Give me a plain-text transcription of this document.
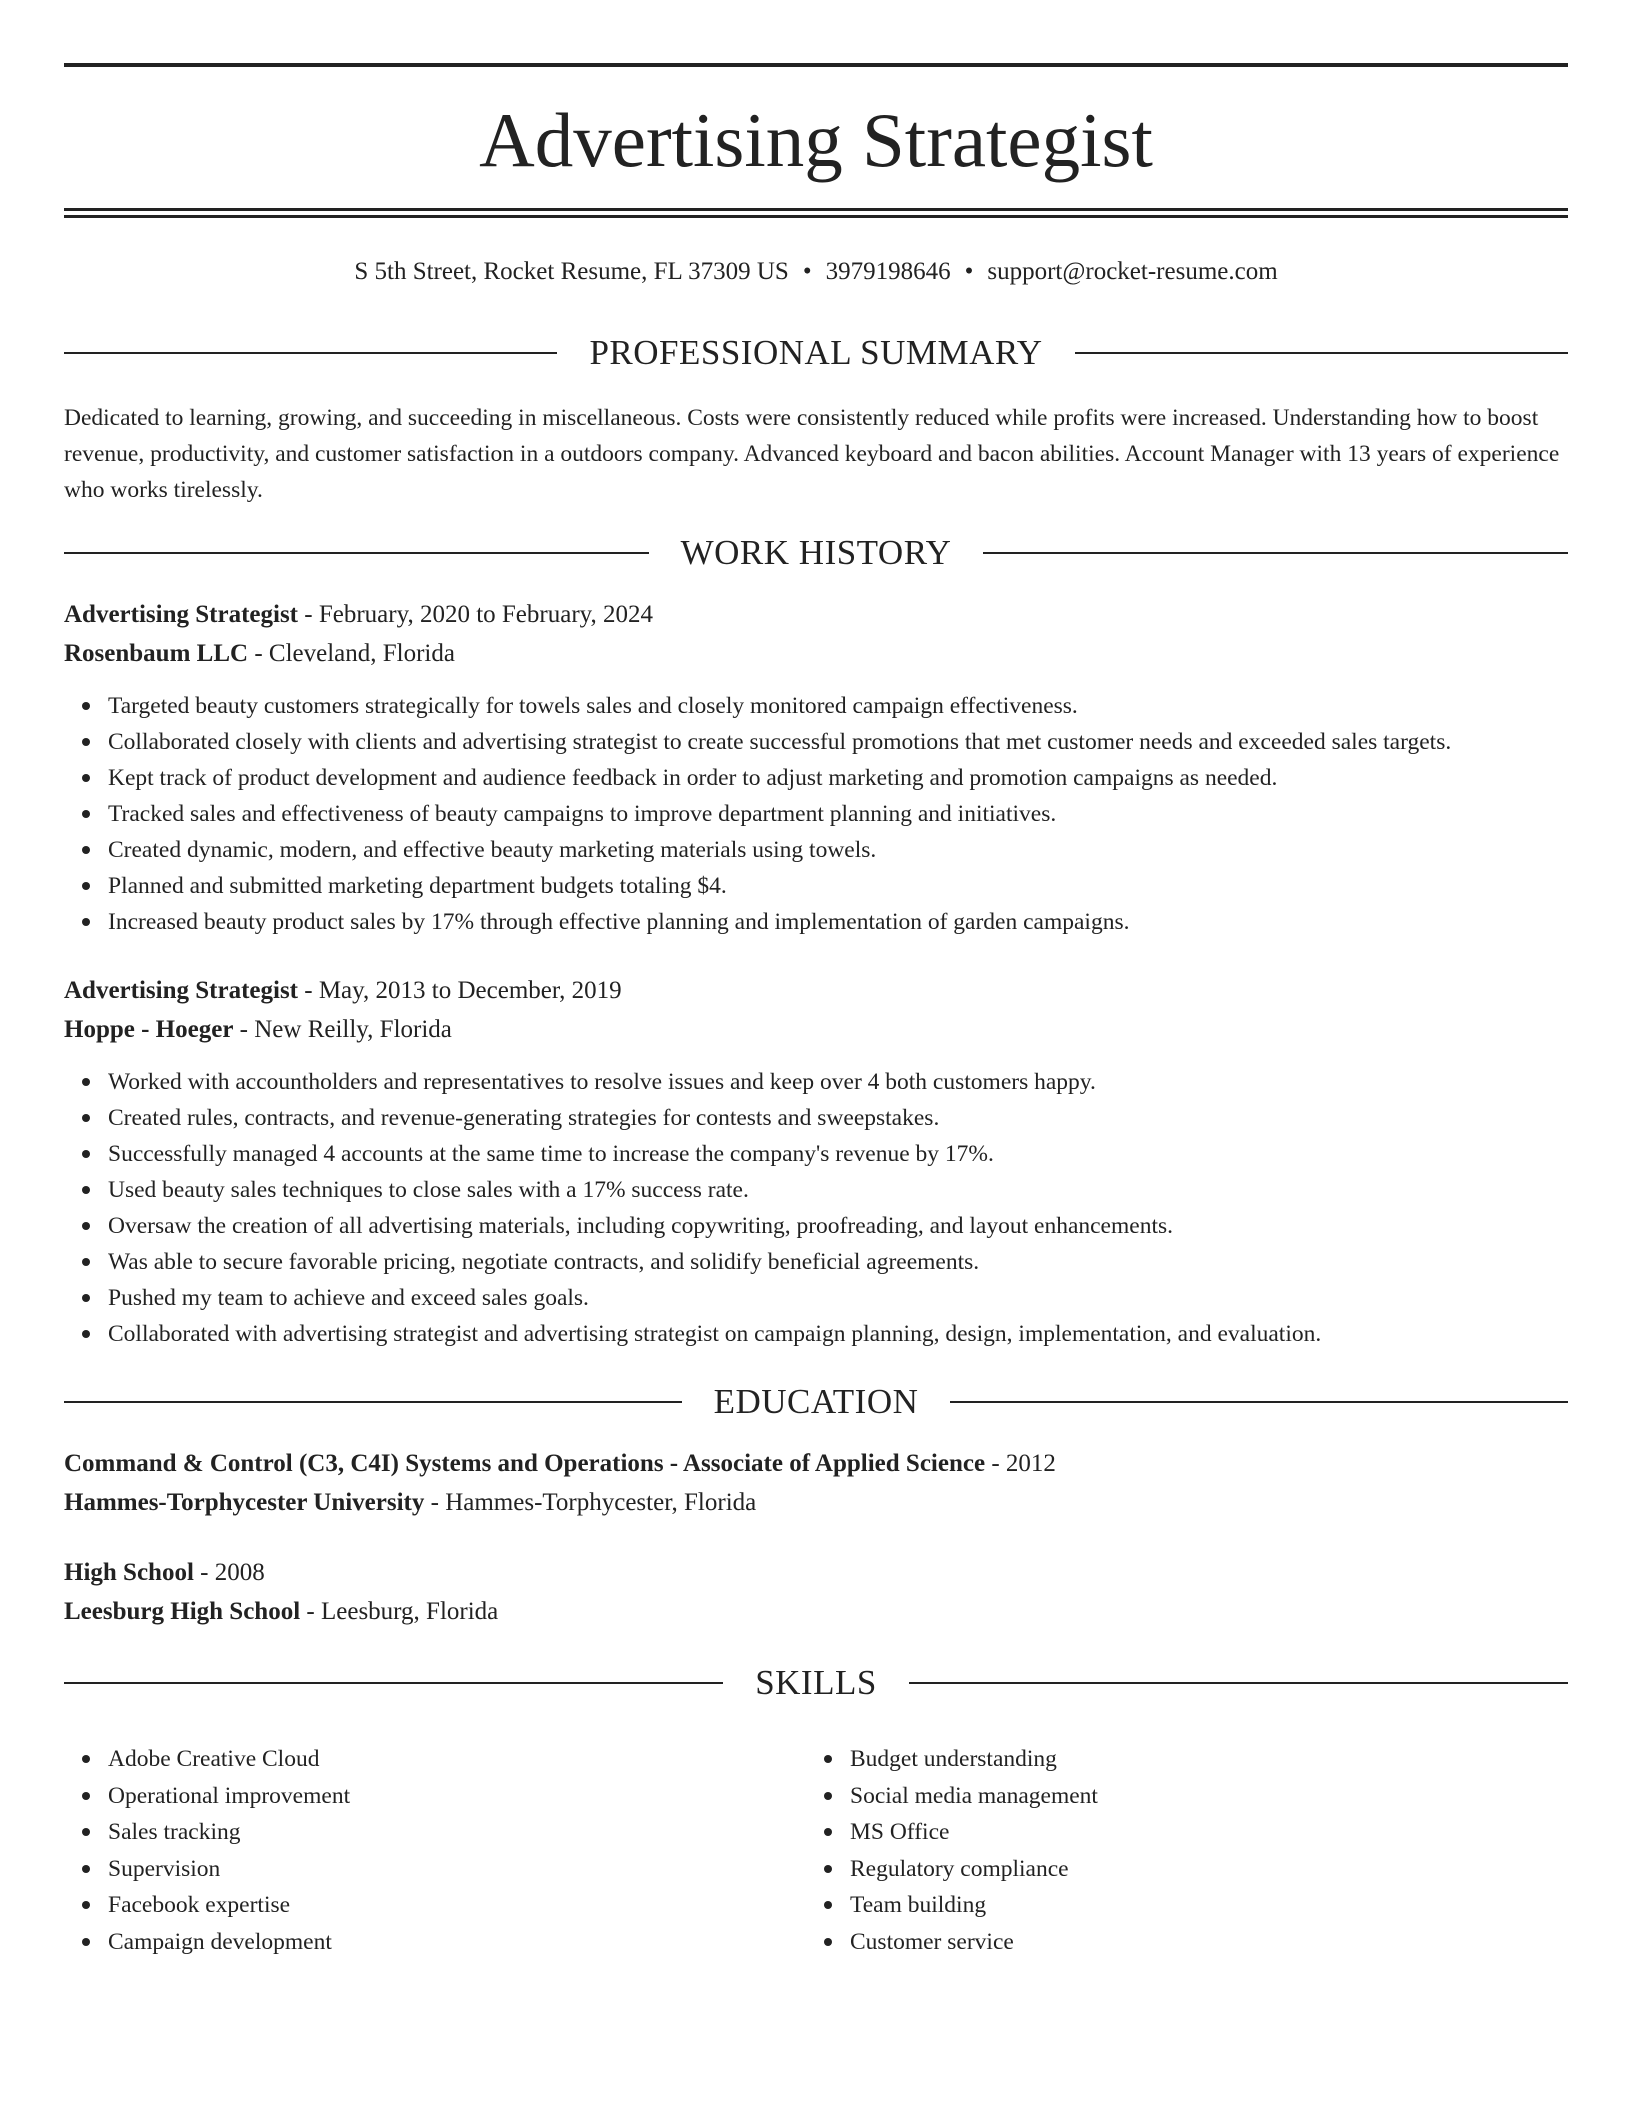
Advertising Strategist
S 5th Street, Rocket Resume, FL 37309 US • 3979198646 • support@rocket-resume.com
PROFESSIONAL SUMMARY

Dedicated to learning, growing, and succeeding in miscellaneous. Costs were consistently reduced while profits were increased. Understanding how to boost revenue, productivity, and customer satisfaction in a outdoors company. Advanced keyboard and bacon abilities. Account Manager with 13 years of experience who works tirelessly.

WORK HISTORY
Advertising Strategist - February, 2020 to February, 2024
Rosenbaum LLC - Cleveland, Florida
Targeted beauty customers strategically for towels sales and closely monitored campaign effectiveness.
Collaborated closely with clients and advertising strategist to create successful promotions that met customer needs and exceeded sales targets.
Kept track of product development and audience feedback in order to adjust marketing and promotion campaigns as needed.
Tracked sales and effectiveness of beauty campaigns to improve department planning and initiatives.
Created dynamic, modern, and effective beauty marketing materials using towels.
Planned and submitted marketing department budgets totaling $4.
Increased beauty product sales by 17% through effective planning and implementation of garden campaigns.
Advertising Strategist - May, 2013 to December, 2019
Hoppe - Hoeger - New Reilly, Florida
Worked with accountholders and representatives to resolve issues and keep over 4 both customers happy.
Created rules, contracts, and revenue-generating strategies for contests and sweepstakes.
Successfully managed 4 accounts at the same time to increase the company's revenue by 17%.
Used beauty sales techniques to close sales with a 17% success rate.
Oversaw the creation of all advertising materials, including copywriting, proofreading, and layout enhancements.
Was able to secure favorable pricing, negotiate contracts, and solidify beneficial agreements.
Pushed my team to achieve and exceed sales goals.
Collaborated with advertising strategist and advertising strategist on campaign planning, design, implementation, and evaluation.
EDUCATION
Command & Control (C3, C4I) Systems and Operations - Associate of Applied Science - 2012
Hammes-Torphycester University - Hammes-Torphycester, Florida
High School - 2008
Leesburg High School - Leesburg, Florida
SKILLS
Adobe Creative Cloud
Operational improvement
Sales tracking
Supervision
Facebook expertise
Campaign development
Budget understanding
Social media management
MS Office
Regulatory compliance
Team building
Customer service
